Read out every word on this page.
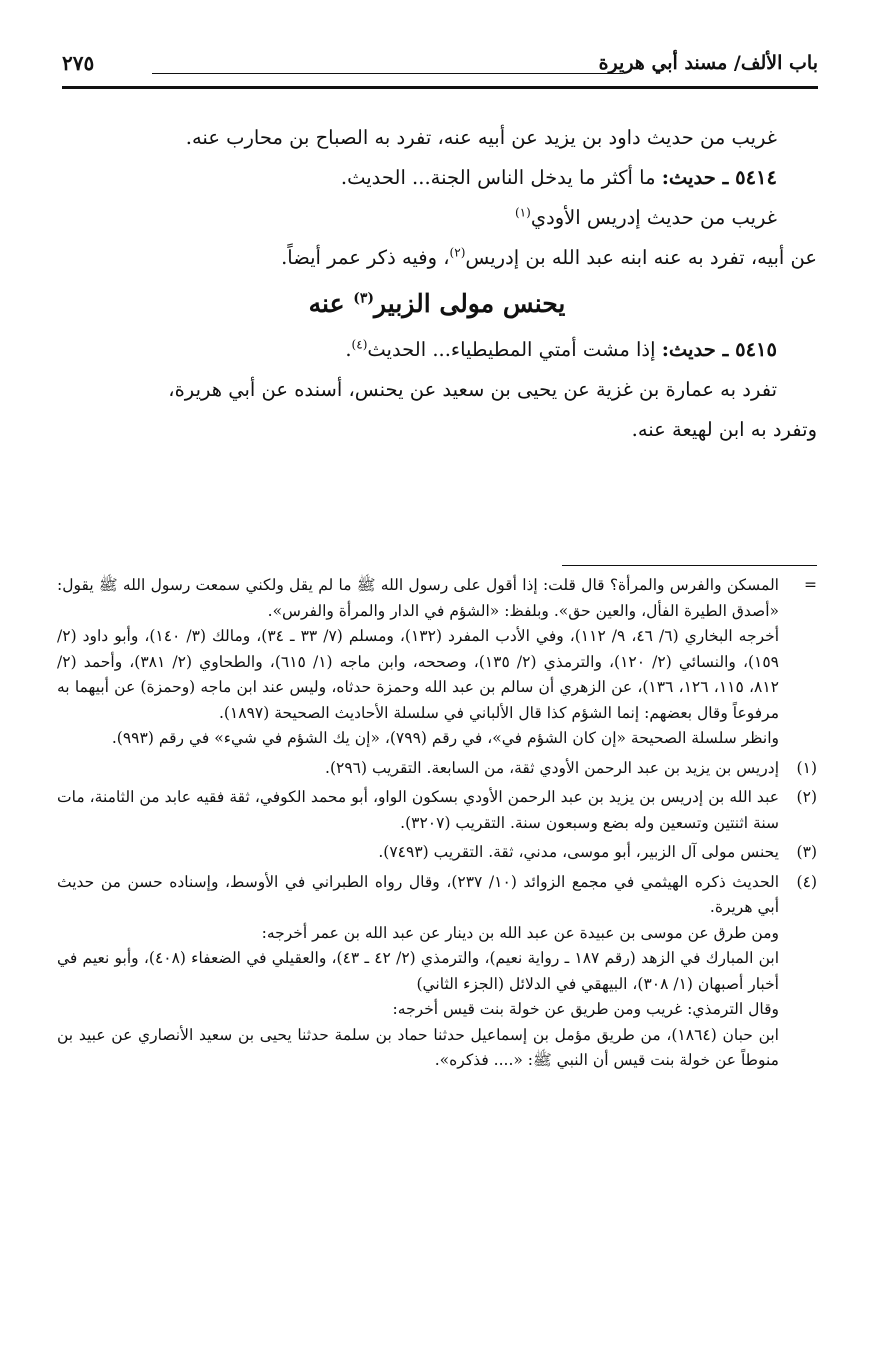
باب الألف/ مسند أبي هريرة
٢٧٥

غريب من حديث داود بن يزيد عن أبيه عنه، تفرد به الصباح بن محارب عنه.

٥٤١٤ ـ حديث: ما أكثر ما يدخل الناس الجنة... الحديث.

غريب من حديث إدريس الأودي$^{(١)}$

عن أبيه، تفرد به عنه ابنه عبد الله بن إدريس$^{(٢)}$، وفيه ذكر عمر أيضاً.

يحنس مولى الزبير$^{(٣)}$ عنه

٥٤١٥ ـ حديث: إذا مشت أمتي المطيطياء... الحديث$^{(٤)}$.

تفرد به عمارة بن غزية عن يحيى بن سعيد عن يحنس، أسنده عن أبي هريرة،

وتفرد به ابن لهيعة عنه.

=

المسكن والفرس والمرأة؟ قال قلت: إذا أقول على رسول الله ﷺ ما لم يقل ولكني سمعت رسول الله ﷺ يقول: «أصدق الطيرة الفأل، والعين حق». وبلفظ: «الشؤم في الدار والمرأة والفرس».

أخرجه البخاري (٦/ ٤٦، ٩/ ١١٢)، وفي الأدب المفرد (١٣٢)، ومسلم (٧/ ٣٣ ـ ٣٤)، ومالك (٣/ ١٤٠)، وأبو داود (٢/ ١٥٩)، والنسائي (٢/ ١٢٠)، والترمذي (٢/ ١٣٥)، وصححه، وابن ماجه (١/ ٦١٥)، والطحاوي (٢/ ٣٨١)، وأحمد (٢/ ٨١٢، ١١٥، ١٢٦، ١٣٦)، عن الزهري أن سالم بن عبد الله وحمزة حدثاه، وليس عند ابن ماجه (وحمزة) عن أبيهما به مرفوعاً وقال بعضهم: إنما الشؤم كذا قال الألباني في سلسلة الأحاديث الصحيحة (١٨٩٧).

وانظر سلسلة الصحيحة «إن كان الشؤم في»، في رقم (٧٩٩)، «إن يك الشؤم في شيء» في رقم (٩٩٣).

(١)

إدريس بن يزيد بن عبد الرحمن الأودي ثقة، من السابعة. التقريب (٢٩٦).

(٢)

عبد الله بن إدريس بن يزيد بن عبد الرحمن الأودي بسكون الواو، أبو محمد الكوفي، ثقة فقيه عابد من الثامنة، مات سنة اثنتين وتسعين وله بضع وسبعون سنة. التقريب (٣٢٠٧).

(٣)

يحنس مولى آل الزبير، أبو موسى، مدني، ثقة. التقريب (٧٤٩٣).

(٤)

الحديث ذكره الهيثمي في مجمع الزوائد (١٠/ ٢٣٧)، وقال رواه الطبراني في الأوسط، وإسناده حسن من حديث أبي هريرة.

ومن طرق عن موسى بن عبيدة عن عبد الله بن دينار عن عبد الله بن عمر أخرجه:

ابن المبارك في الزهد (رقم ١٨٧ ـ رواية نعيم)، والترمذي (٢/ ٤٢ ـ ٤٣)، والعقيلي في الضعفاء (٤٠٨)، وأبو نعيم في أخبار أصبهان (١/ ٣٠٨)، البيهقي في الدلائل (الجزء الثاني)

وقال الترمذي: غريب ومن طريق عن خولة بنت قيس أخرجه:

ابن حبان (١٨٦٤)، من طريق مؤمل بن إسماعيل حدثنا حماد بن سلمة حدثنا يحيى بن سعيد الأنصاري عن عبيد بن منوطاً عن خولة بنت قيس أن النبي ﷺ: «.... فذكره».
